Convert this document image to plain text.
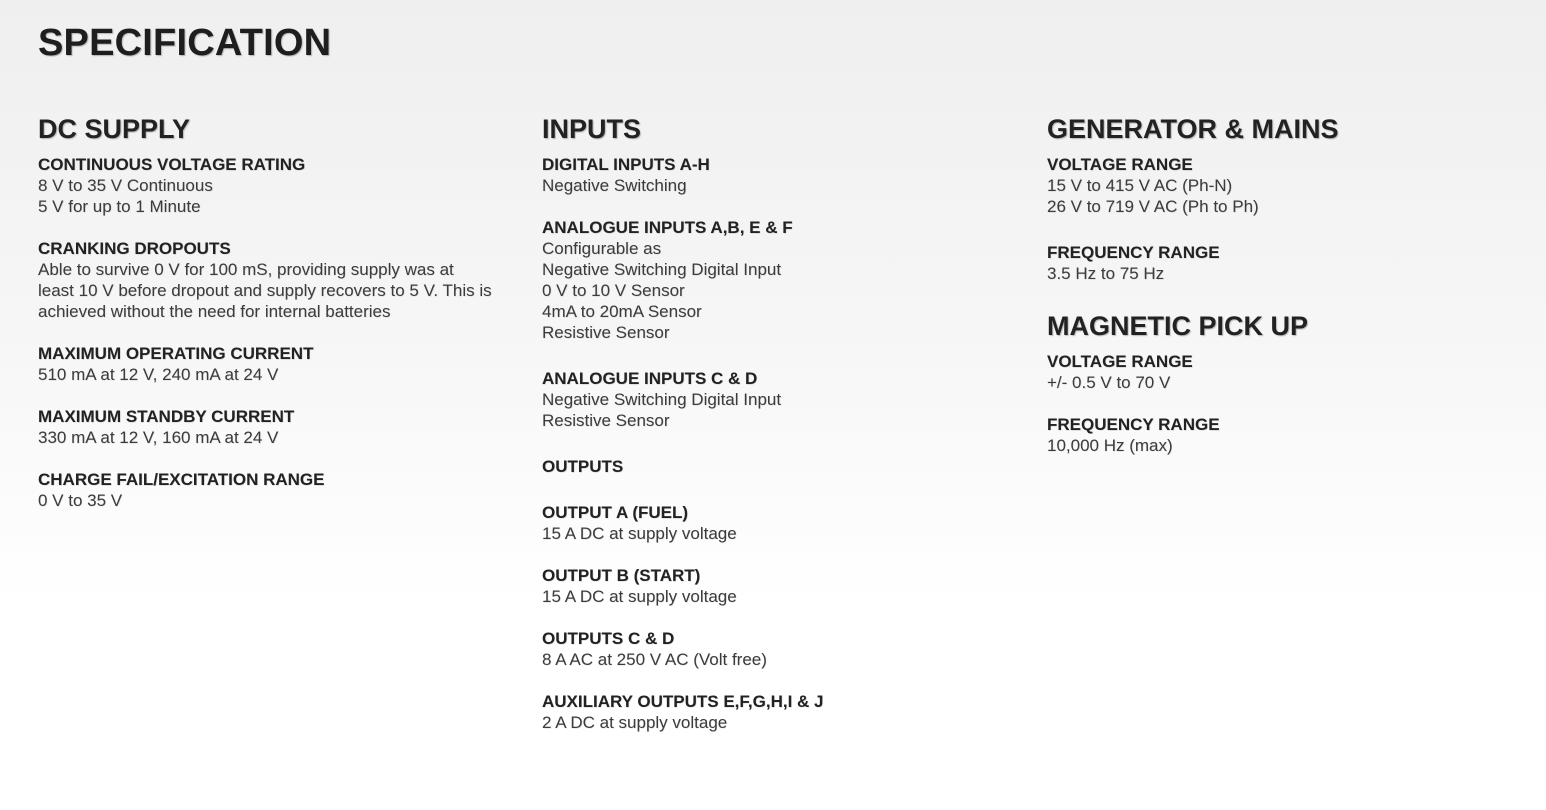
SPECIFICATION
DC SUPPLY
CONTINUOUS VOLTAGE RATING
8 V to 35 V Continuous
5 V for up to 1 Minute
CRANKING DROPOUTS
Able to survive 0 V for 100 mS, providing supply was at
least 10 V before dropout and supply recovers to 5 V. This is
achieved without the need for internal batteries
MAXIMUM OPERATING CURRENT
510 mA at 12 V, 240 mA at 24 V
MAXIMUM STANDBY CURRENT
330 mA at 12 V, 160 mA at 24 V
CHARGE FAIL/EXCITATION RANGE
0 V to 35 V
INPUTS
DIGITAL INPUTS A-H
Negative Switching
ANALOGUE INPUTS A,B, E & F
Configurable as
Negative Switching Digital Input
0 V to 10 V Sensor
4mA to 20mA Sensor
Resistive Sensor
ANALOGUE INPUTS C & D
Negative Switching Digital Input
Resistive Sensor
OUTPUTS
OUTPUT A (FUEL)
15 A DC at supply voltage
OUTPUT B (START)
15 A DC at supply voltage
OUTPUTS C & D
8 A AC at 250 V AC (Volt free)
AUXILIARY OUTPUTS E,F,G,H,I & J
2 A DC at supply voltage
GENERATOR & MAINS
VOLTAGE RANGE
15 V to 415 V AC (Ph-N)
26 V to 719 V AC (Ph to Ph)
FREQUENCY RANGE
3.5 Hz to 75 Hz
MAGNETIC PICK UP
VOLTAGE RANGE
+/- 0.5 V to 70 V
FREQUENCY RANGE
10,000 Hz (max)
